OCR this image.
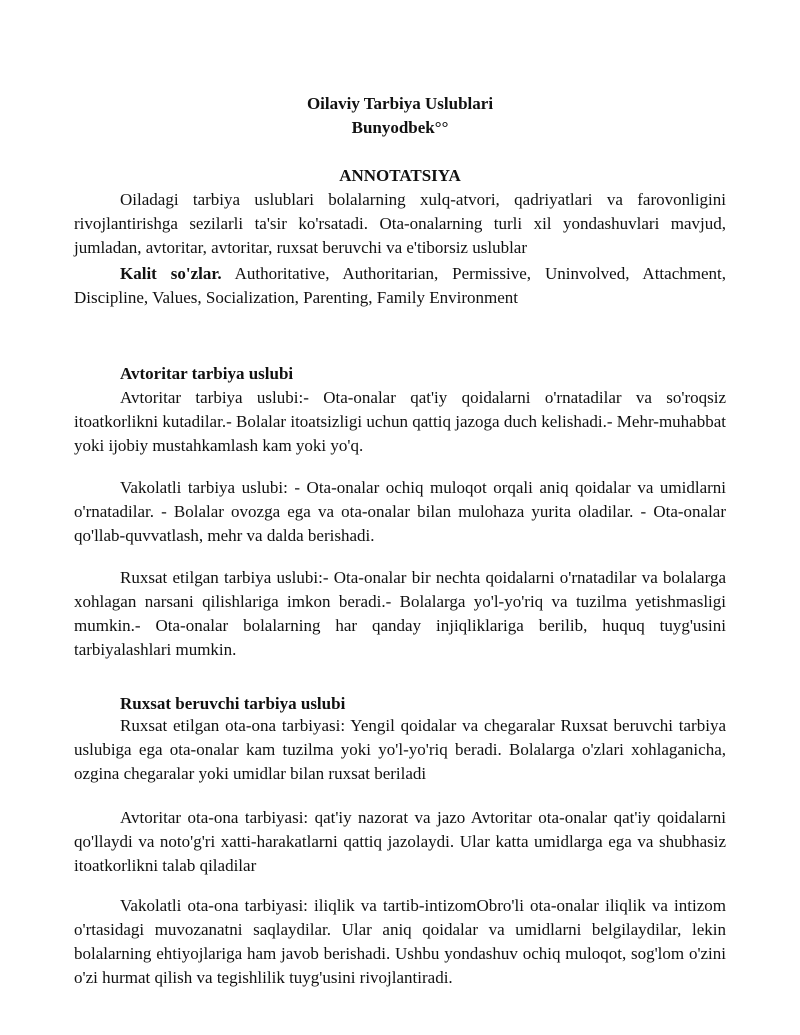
Oilaviy Tarbiya Uslublari
Bunyodbek°°
ANNOTATSIYA

Oiladagi tarbiya uslublari bolalarning xulq-atvori, qadriyatlari va farovonligini rivojlantirishga sezilarli ta'sir ko'rsatadi. Ota-onalarning turli xil yondashuvlari mavjud, jumladan, avtoritar, avtoritar, ruxsat beruvchi va e'tiborsiz uslublar

Kalit so'zlar. Authoritative, Authoritarian, Permissive, Uninvolved, Attachment, Discipline, Values, Socialization, Parenting, Family Environment

Avtoritar tarbiya uslubi

Avtoritar tarbiya uslubi:- Ota-onalar qat'iy qoidalarni o'rnatadilar va so'roqsiz itoatkorlikni kutadilar.- Bolalar itoatsizligi uchun qattiq jazoga duch kelishadi.- Mehr-muhabbat yoki ijobiy mustahkamlash kam yoki yo'q.

Vakolatli tarbiya uslubi: - Ota-onalar ochiq muloqot orqali aniq qoidalar va umidlarni o'rnatadilar. - Bolalar ovozga ega va ota-onalar bilan mulohaza yurita oladilar. - Ota-onalar qo'llab-quvvatlash, mehr va dalda berishadi.

Ruxsat etilgan tarbiya uslubi:- Ota-onalar bir nechta qoidalarni o'rnatadilar va bolalarga xohlagan narsani qilishlariga imkon beradi.- Bolalarga yo'l-yo'riq va tuzilma yetishmasligi mumkin.- Ota-onalar bolalarning har qanday injiqliklariga berilib, huquq tuyg'usini tarbiyalashlari mumkin.

Ruxsat beruvchi tarbiya uslubi

Ruxsat etilgan ota-ona tarbiyasi: Yengil qoidalar va chegaralar Ruxsat beruvchi tarbiya uslubiga ega ota-onalar kam tuzilma yoki yo'l-yo'riq beradi. Bolalarga o'zlari xohlaganicha, ozgina chegaralar yoki umidlar bilan ruxsat beriladi

Avtoritar ota-ona tarbiyasi: qat'iy nazorat va jazo Avtoritar ota-onalar qat'iy qoidalarni qo'llaydi va noto'g'ri xatti-harakatlarni qattiq jazolaydi. Ular katta umidlarga ega va shubhasiz itoatkorlikni talab qiladilar

Vakolatli ota-ona tarbiyasi: iliqlik va tartib-intizomObro'li ota-onalar iliqlik va intizom o'rtasidagi muvozanatni saqlaydilar. Ular aniq qoidalar va umidlarni belgilaydilar, lekin bolalarning ehtiyojlariga ham javob berishadi. Ushbu yondashuv ochiq muloqot, sog'lom o'zini o'zi hurmat qilish va tegishlilik tuyg'usini rivojlantiradi.
